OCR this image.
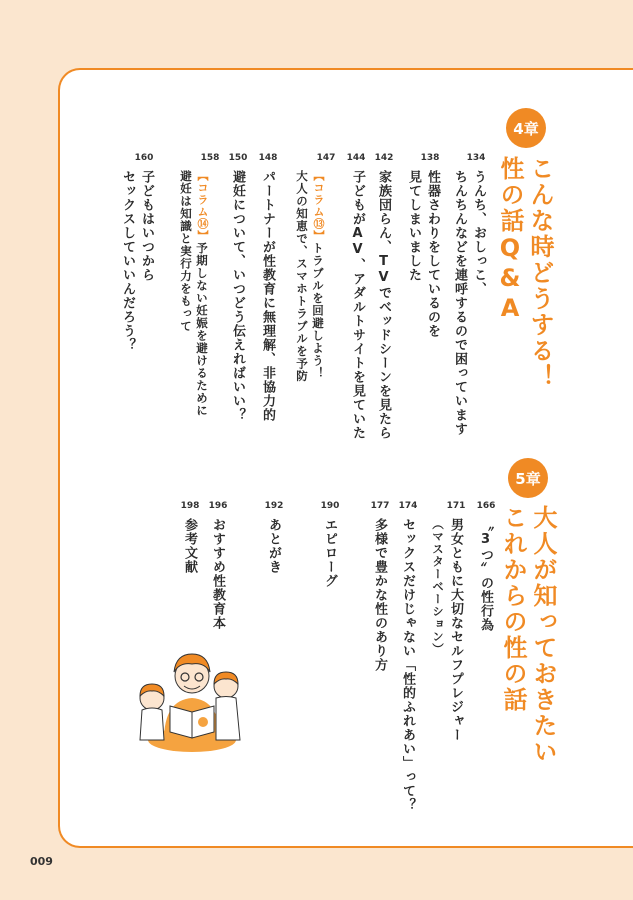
4章
こんな時どうする！
性の話Q&A
134
うんち、おしっこ、
ちんちんなどを連呼するので困っています
138
性器さわりをしているのを
見てしまいました
142
家族団らん、TVでベッドシーンを見たら
144
子どもがAV、アダルトサイトを見ていた
147
【コラム⑬】トラブルを回避しよう！
大人の知恵で、スマホトラブルを予防
148
パートナーが性教育に無理解、非協力的
150
避妊について、いつどう伝えればいい？
158
【コラム⑭】予期しない妊娠を避けるために
避妊は知識と実行力をもって
160
子どもはいつから
セックスしていいんだろう？
5章
大人が知っておきたい
これからの性の話
166
〝3つ〟の性行為
171
男女ともに大切なセルフプレジャー
（マスターベーション）
174
セックスだけじゃない「性的ふれあい」って？
177
多様で豊かな性のあり方
190
エピローグ
192
あとがき
196
おすすめ性教育本
198
参考文献
009
